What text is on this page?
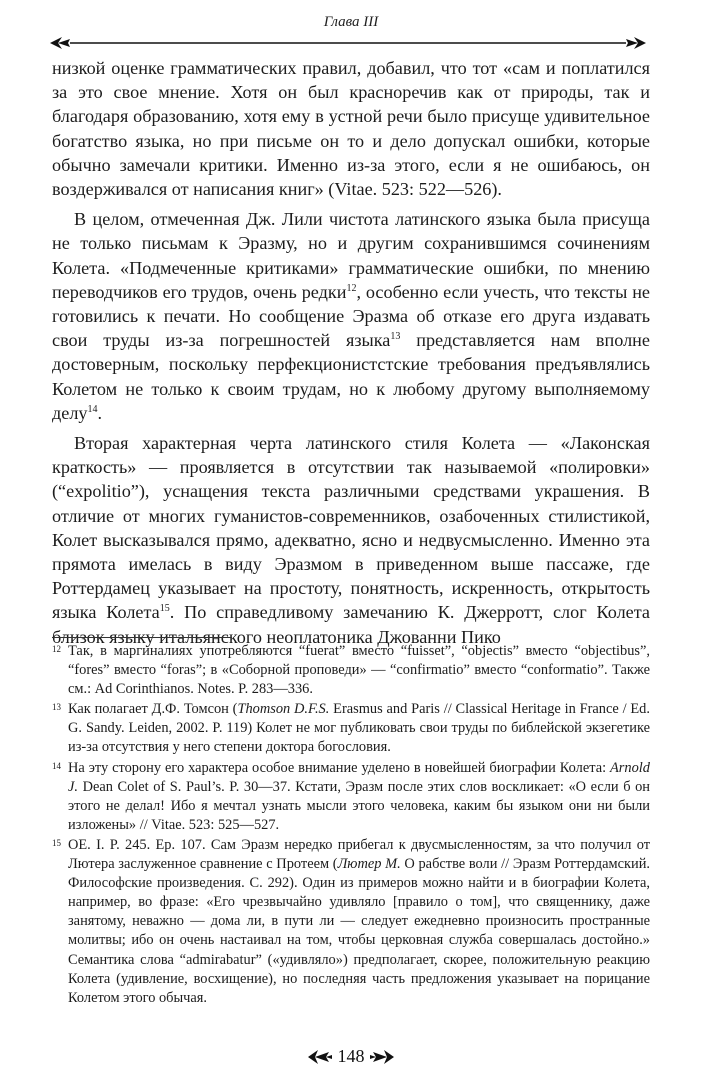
Глава III

низкой оценке грамматических правил, добавил, что тот «сам и поплатился за это свое мнение. Хотя он был красноречив как от природы, так и благодаря образованию, хотя ему в устной речи было присуще удивительное богатство языка, но при письме он то и дело допускал ошибки, которые обычно замечали критики. Именно из-за этого, если я не ошибаюсь, он воздерживался от написания книг» (Vitae. 523: 522—526).

В целом, отмеченная Дж. Лили чистота латинского языка была присуща не только письмам к Эразму, но и другим сохранившимся сочинениям Колета. «Подмеченные критиками» грамматические ошибки, по мнению переводчиков его трудов, очень редки$^{12}$, особенно если учесть, что тексты не готовились к печати. Но сообщение Эразма об отказе его друга издавать свои труды из-за погрешностей языка$^{13}$ представляется нам вполне достоверным, поскольку перфекционистстские требования предъявлялись Колетом не только к своим трудам, но к любому другому выполняемому делу$^{14}$.

Вторая характерная черта латинского стиля Колета — «Лаконская краткость» — проявляется в отсутствии так называемой «полировки» (“expolitio”), уснащения текста различными средствами украшения. В отличие от многих гуманистов-современников, озабоченных стилистикой, Колет высказывался прямо, адекватно, ясно и недвусмысленно. Именно эта прямота имелась в виду Эразмом в приведенном выше пассаже, где Роттердамец указывает на простоту, понятность, искренность, открытость языка Колета$^{15}$. По справедливому замечанию К. Джерротт, слог Колета близок языку итальянского неоплатоника Джованни Пико

12 Так, в маргиналиях употребляются “fuerat” вместо “fuisset”, “objectis” вместо “objectibus”, “fores” вместо “foras”; в «Соборной проповеди» — “confirmatio” вместо “conformatio”. Также см.: Ad Corinthianos. Notes. P. 283—336.
13 Как полагает Д.Ф. Томсон (Thomson D.F.S. Erasmus and Paris // Classical Heritage in France / Ed. G. Sandy. Leiden, 2002. P. 119) Колет не мог публиковать свои труды по библейской экзегетике из-за отсутствия у него степени доктора богословия.
14 На эту сторону его характера особое внимание уделено в новейшей биографии Колета: Arnold J. Dean Colet of S. Paul’s. P. 30—37. Кстати, Эразм после этих слов воскликает: «О если б он этого не делал! Ибо я мечтал узнать мысли этого человека, каким бы языком они ни были изложены» // Vitae. 523: 525—527.
15 ОЕ. I. P. 245. Ep. 107. Сам Эразм нередко прибегал к двусмысленностям, за что получил от Лютера заслуженное сравнение с Протеем (Лютер М. О рабстве воли // Эразм Роттердамский. Философские произведения. С. 292). Один из примеров можно найти и в биографии Колета, например, во фразе: «Его чрезвычайно удивляло [правило о том], что священнику, даже занятому, неважно — дома ли, в пути ли — следует ежедневно произносить пространные молитвы; ибо он очень настаивал на том, чтобы церковная служба совершалась достойно.» Семантика слова “admirabatur” («удивляло») предполагает, скорее, положительную реакцию Колета (удивление, восхищение), но последняя часть предложения указывает на порицание Колетом этого обычая.
148
